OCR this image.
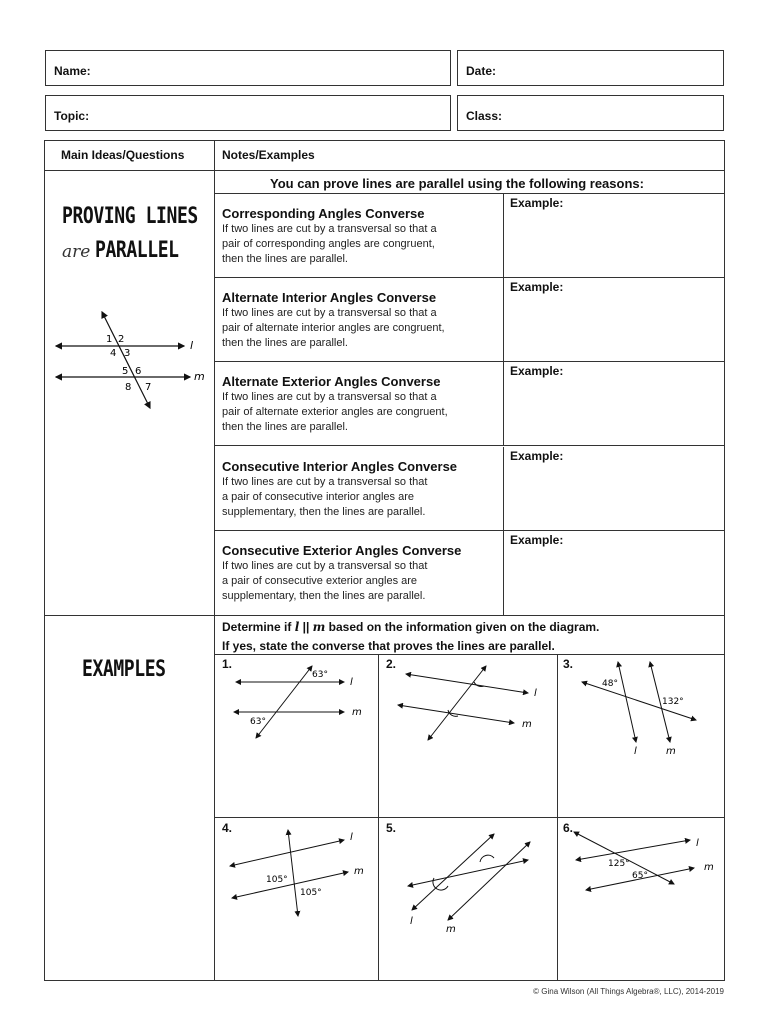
Name:	Date:
Topic:	Class:
Main Ideas/Questions	Notes/Examples
PROVING LINES
are PARALLEL
1 2
4 3
5 6
8 7
l
m
You can prove lines are parallel using the following reasons:
Corresponding Angles Converse
If two lines are cut by a transversal so that a
pair of corresponding angles are congruent,
then the lines are parallel.
Example:
Alternate Interior Angles Converse
If two lines are cut by a transversal so that a
pair of alternate interior angles are congruent,
then the lines are parallel.
Example:
Alternate Exterior Angles Converse
If two lines are cut by a transversal so that a
pair of alternate exterior angles are congruent,
then the lines are parallel.
Example:
Consecutive Interior Angles Converse
If two lines are cut by a transversal so that
a pair of consecutive interior angles are
supplementary, then the lines are parallel.
Example:
Consecutive Exterior Angles Converse
If two lines are cut by a transversal so that
a pair of consecutive exterior angles are
supplementary, then the lines are parallel.
Example:
EXAMPLES
Determine if l || m based on the information given on the diagram.
If yes, state the converse that proves the lines are parallel.
1.	2.	3.
4.	5.	6.
63°
63°
l
m
l
m
48°
132°
l	m
105°
105°
l
m
l
m
125°
65°
l
m
© Gina Wilson (All Things Algebra®, LLC), 2014-2019
